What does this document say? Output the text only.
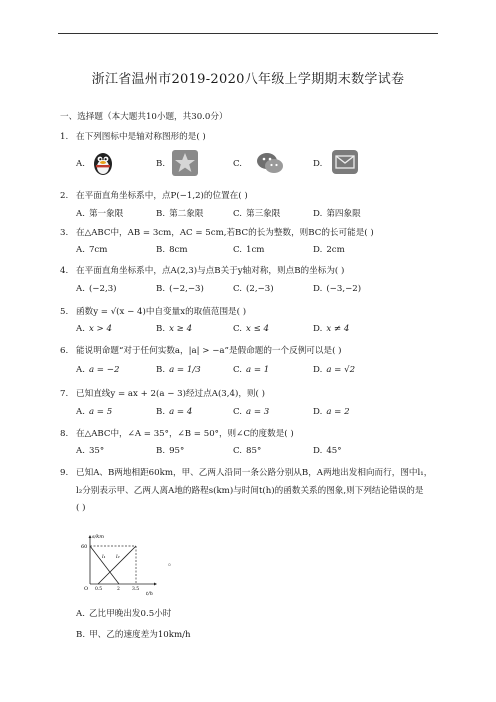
浙江省温州市2019-2020八年级上学期期末数学试卷
一、选择题（本大题共10小题，共30.0分）
1. 在下列图标中是轴对称图形的是( )
A.	B.	C.	D.
2. 在平面直角坐标系中，点P(−1,2)的位置在( )
A. 第一象限	B. 第二象限	C. 第三象限	D. 第四象限
3. 在△ABC中，AB = 3cm，AC = 5cm,若BC的长为整数，则BC的长可能是( )
A. 7cm	B. 8cm	C. 1cm	D. 2cm
4. 在平面直角坐标系中，点A(2,3)与点B关于y轴对称，则点B的坐标为( )
A. (−2,3)	B. (−2,−3)	C. (2,−3)	D. (−3,−2)
5. 函数y = √(x − 4)中自变量x的取值范围是( )
A. x > 4	B. x ≥ 4	C. x ≤ 4	D. x ≠ 4
6. 能说明命题“对于任何实数a，|a| > −a”是假命题的一个反例可以是( )
A. a = −2	B. a = 1/3	C. a = 1	D. a = √2
7. 已知直线y = ax + 2(a − 3)经过点A(3,4)，则( )
A. a = 5	B. a = 4	C. a = 3	D. a = 2
8. 在△ABC中，∠A = 35°，∠B = 50°，则∠C的度数是( )
A. 35°	B. 95°	C. 85°	D. 45°
9. 已知A、B两地相距60km，甲、乙两人沿同一条公路分别从B，A两地出发相向而行，图中l₁，
l₂分别表示甲、乙两人离A地的路程s(km)与时间t(h)的函数关系的图象,则下列结论错误的是
( )
s/km
60
O 0.5	2	3.5
t/h
l₁ l₂
。
A. 乙比甲晚出发0.5小时
B. 甲、乙的速度差为10km/h
